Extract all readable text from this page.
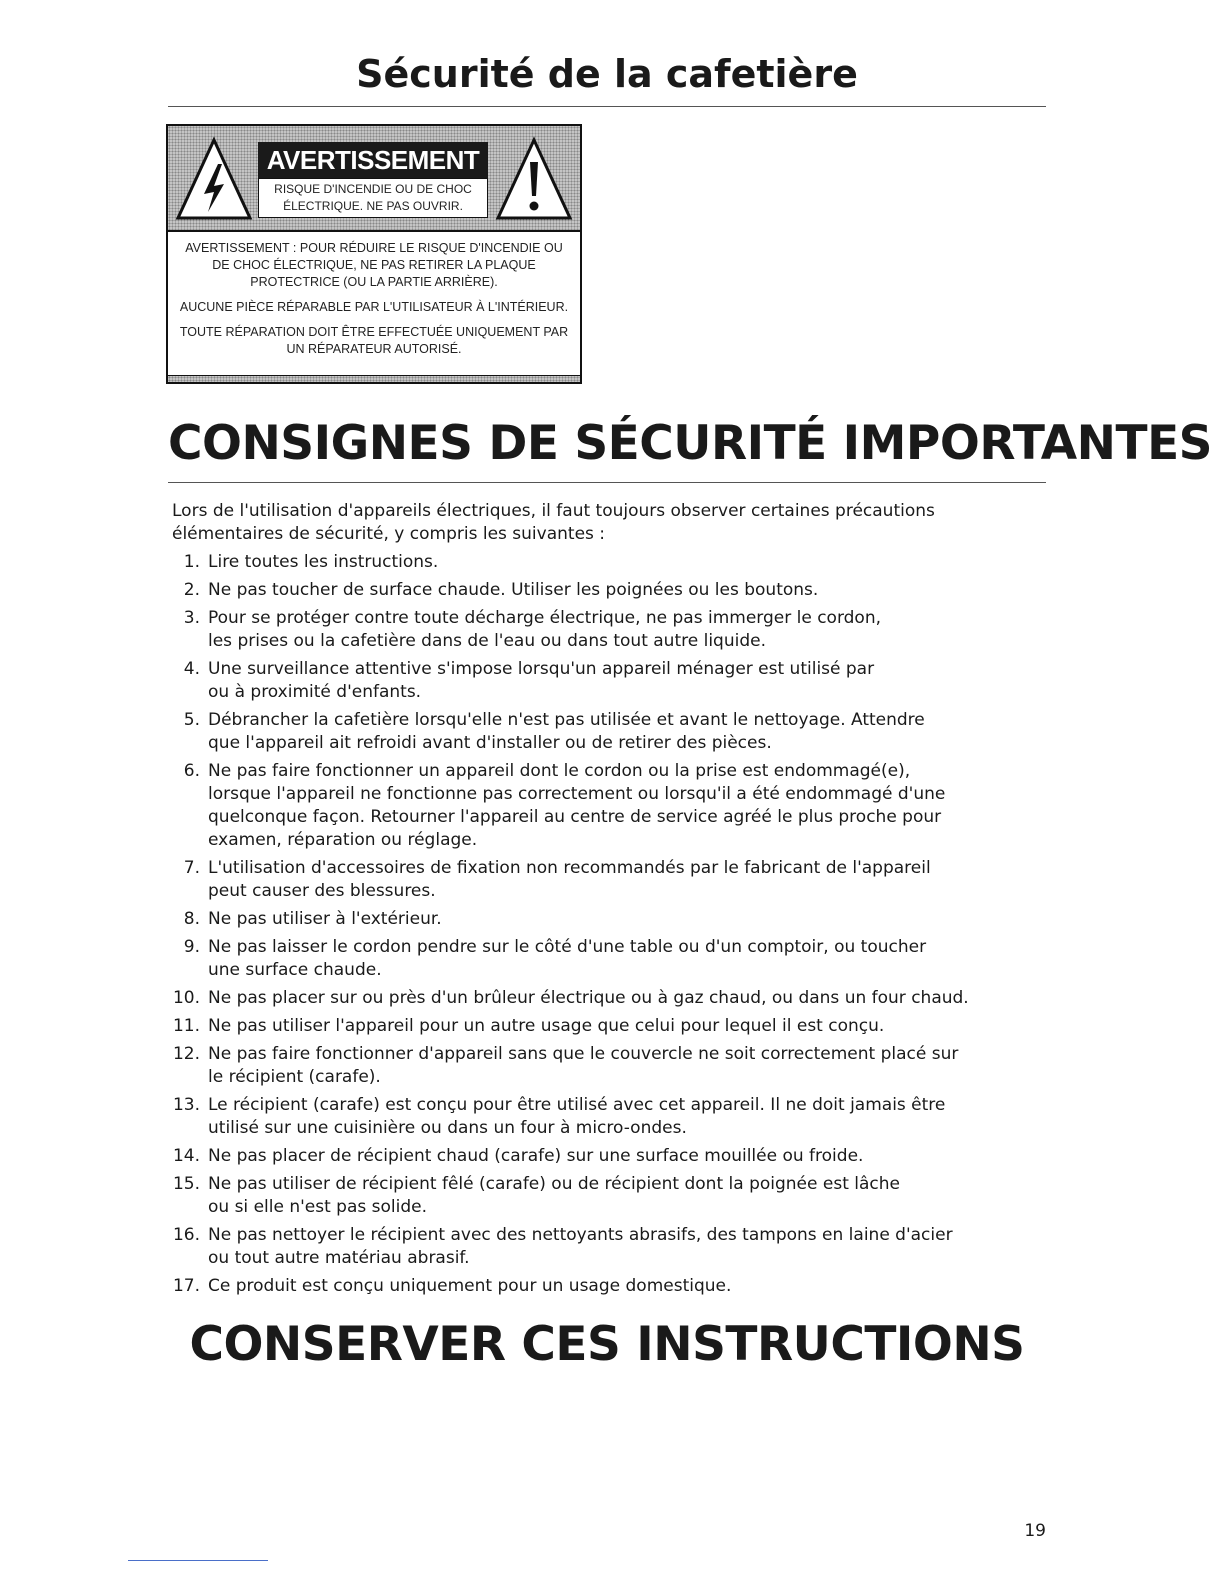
Sécurité de la cafetière
AVERTISSEMENT
RISQUE D'INCENDIE OU DE CHOC
ÉLECTRIQUE. NE PAS OUVRIR.
AVERTISSEMENT : POUR RÉDUIRE LE RISQUE D'INCENDIE OU
DE CHOC ÉLECTRIQUE, NE PAS RETIRER LA PLAQUE
PROTECTRICE (OU LA PARTIE ARRIÈRE).
AUCUNE PIÈCE RÉPARABLE PAR L'UTILISATEUR À L'INTÉRIEUR.
TOUTE RÉPARATION DOIT ÊTRE EFFECTUÉE UNIQUEMENT PAR
UN RÉPARATEUR AUTORISÉ.
CONSIGNES DE SÉCURITÉ IMPORTANTES
Lors de l'utilisation d'appareils électriques, il faut toujours observer certaines précautions élémentaires de sécurité, y compris les suivantes :
1. Lire toutes les instructions.
2. Ne pas toucher de surface chaude. Utiliser les poignées ou les boutons.
3. Pour se protéger contre toute décharge électrique, ne pas immerger le cordon,
les prises ou la cafetière dans de l'eau ou dans tout autre liquide.
4. Une surveillance attentive s'impose lorsqu'un appareil ménager est utilisé par
ou à proximité d'enfants.
5. Débrancher la cafetière lorsqu'elle n'est pas utilisée et avant le nettoyage. Attendre
que l'appareil ait refroidi avant d'installer ou de retirer des pièces.
6. Ne pas faire fonctionner un appareil dont le cordon ou la prise est endommagé(e),
lorsque l'appareil ne fonctionne pas correctement ou lorsqu'il a été endommagé d'une
quelconque façon. Retourner l'appareil au centre de service agréé le plus proche pour
examen, réparation ou réglage.
7. L'utilisation d'accessoires de fixation non recommandés par le fabricant de l'appareil
peut causer des blessures.
8. Ne pas utiliser à l'extérieur.
9. Ne pas laisser le cordon pendre sur le côté d'une table ou d'un comptoir, ou toucher
une surface chaude.
10. Ne pas placer sur ou près d'un brûleur électrique ou à gaz chaud, ou dans un four chaud.
11. Ne pas utiliser l'appareil pour un autre usage que celui pour lequel il est conçu.
12. Ne pas faire fonctionner d'appareil sans que le couvercle ne soit correctement placé sur
le récipient (carafe).
13. Le récipient (carafe) est conçu pour être utilisé avec cet appareil. Il ne doit jamais être
utilisé sur une cuisinière ou dans un four à micro-ondes.
14. Ne pas placer de récipient chaud (carafe) sur une surface mouillée ou froide.
15. Ne pas utiliser de récipient fêlé (carafe) ou de récipient dont la poignée est lâche
ou si elle n'est pas solide.
16. Ne pas nettoyer le récipient avec des nettoyants abrasifs, des tampons en laine d'acier
ou tout autre matériau abrasif.
17. Ce produit est conçu uniquement pour un usage domestique.
CONSERVER CES INSTRUCTIONS
19
